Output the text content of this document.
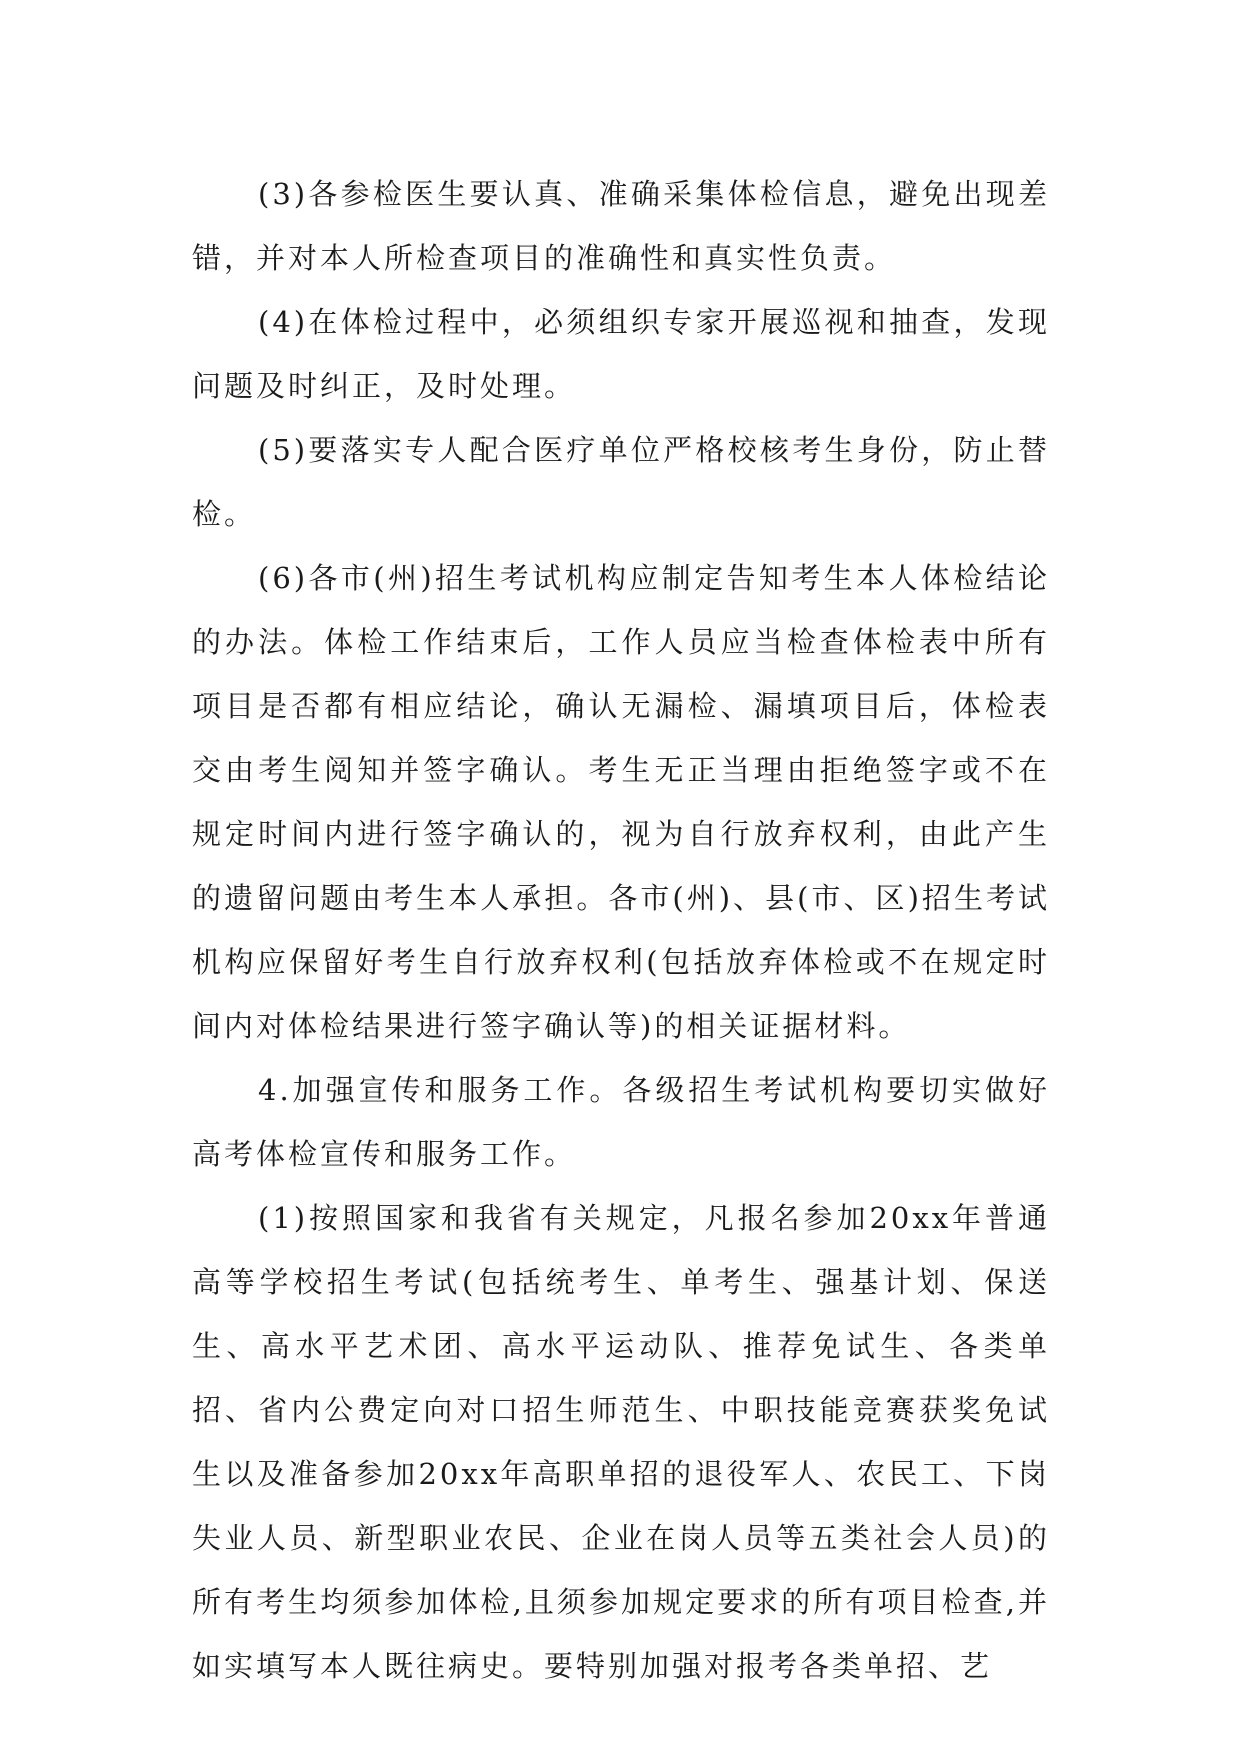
(3)各参检医生要认真、准确采集体检信息，避免出现差错，并对本人所检查项目的准确性和真实性负责。

(4)在体检过程中，必须组织专家开展巡视和抽查，发现问题及时纠正，及时处理。

(5)要落实专人配合医疗单位严格校核考生身份，防止替检。

(6)各市(州)招生考试机构应制定告知考生本人体检结论的办法。体检工作结束后，工作人员应当检查体检表中所有项目是否都有相应结论，确认无漏检、漏填项目后，体检表交由考生阅知并签字确认。考生无正当理由拒绝签字或不在规定时间内进行签字确认的，视为自行放弃权利，由此产生的遗留问题由考生本人承担。各市(州)、县(市、区)招生考试机构应保留好考生自行放弃权利(包括放弃体检或不在规定时间内对体检结果进行签字确认等)的相关证据材料。

4.加强宣传和服务工作。各级招生考试机构要切实做好高考体检宣传和服务工作。

(1)按照国家和我省有关规定，凡报名参加20xx年普通高等学校招生考试(包括统考生、单考生、强基计划、保送生、高水平艺术团、高水平运动队、推荐免试生、各类单招、省内公费定向对口招生师范生、中职技能竞赛获奖免试生以及准备参加20xx年高职单招的退役军人、农民工、下岗失业人员、新型职业农民、企业在岗人员等五类社会人员)的所有考生均须参加体检,且须参加规定要求的所有项目检查,并如实填写本人既往病史。要特别加强对报考各类单招、艺
